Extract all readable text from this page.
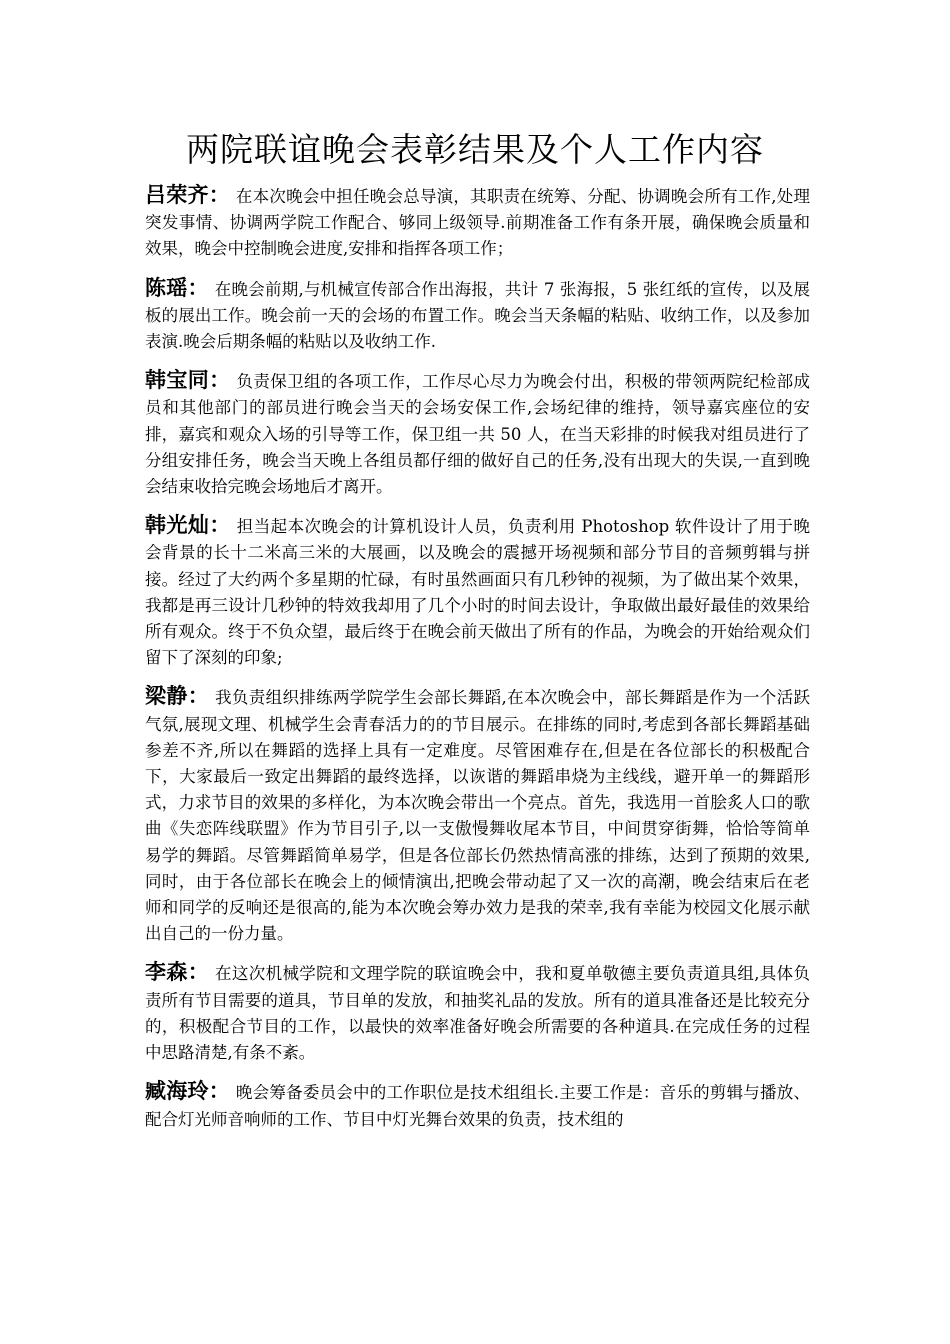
两院联谊晚会表彰结果及个人工作内容

吕荣齐： 在本次晚会中担任晚会总导演，其职责在统筹、分配、协调晚会所有工作,处理突发事情、协调两学院工作配合、够同上级领导.前期准备工作有条开展，确保晚会质量和效果，晚会中控制晚会进度,安排和指挥各项工作；

陈瑶： 在晚会前期,与机械宣传部合作出海报，共计 7 张海报，5 张红纸的宣传，以及展板的展出工作。晚会前一天的会场的布置工作。晚会当天条幅的粘贴、收纳工作，以及参加表演.晚会后期条幅的粘贴以及收纳工作.

韩宝同： 负责保卫组的各项工作，工作尽心尽力为晚会付出，积极的带领两院纪检部成员和其他部门的部员进行晚会当天的会场安保工作,会场纪律的维持，领导嘉宾座位的安排，嘉宾和观众入场的引导等工作，保卫组一共 50 人，在当天彩排的时候我对组员进行了分组安排任务，晚会当天晚上各组员都仔细的做好自己的任务,没有出现大的失误,一直到晚会结束收拾完晚会场地后才离开。

韩光灿： 担当起本次晚会的计算机设计人员，负责利用 Photoshop 软件设计了用于晚会背景的长十二米高三米的大展画，以及晚会的震撼开场视频和部分节目的音频剪辑与拼接。经过了大约两个多星期的忙碌，有时虽然画面只有几秒钟的视频，为了做出某个效果，我都是再三设计几秒钟的特效我却用了几个小时的时间去设计，争取做出最好最佳的效果给所有观众。终于不负众望，最后终于在晚会前天做出了所有的作品，为晚会的开始给观众们留下了深刻的印象;

梁静： 我负责组织排练两学院学生会部长舞蹈,在本次晚会中，部长舞蹈是作为一个活跃气氛,展现文理、机械学生会青春活力的的节目展示。在排练的同时,考虑到各部长舞蹈基础参差不齐,所以在舞蹈的选择上具有一定难度。尽管困难存在,但是在各位部长的积极配合下，大家最后一致定出舞蹈的最终选择，以诙谐的舞蹈串烧为主线线，避开单一的舞蹈形式，力求节目的效果的多样化，为本次晚会带出一个亮点。首先，我选用一首脍炙人口的歌曲《失恋阵线联盟》作为节目引子,以一支傲慢舞收尾本节目，中间贯穿街舞，恰恰等简单易学的舞蹈。尽管舞蹈简单易学，但是各位部长仍然热情高涨的排练，达到了预期的效果,同时，由于各位部长在晚会上的倾情演出,把晚会带动起了又一次的高潮，晚会结束后在老师和同学的反响还是很高的,能为本次晚会筹办效力是我的荣幸,我有幸能为校园文化展示献出自己的一份力量。

李森： 在这次机械学院和文理学院的联谊晚会中，我和夏单敬德主要负责道具组,具体负责所有节目需要的道具，节目单的发放，和抽奖礼品的发放。所有的道具准备还是比较充分的，积极配合节目的工作，以最快的效率准备好晚会所需要的各种道具.在完成任务的过程中思路清楚,有条不紊。

臧海玲： 晚会筹备委员会中的工作职位是技术组组长.主要工作是：音乐的剪辑与播放、配合灯光师音响师的工作、节目中灯光舞台效果的负责，技术组的
